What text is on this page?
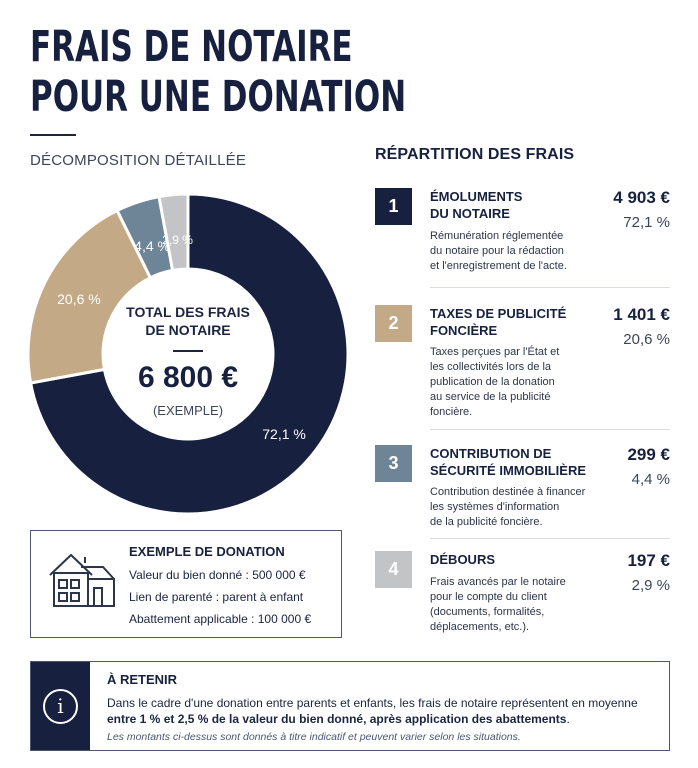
FRAIS DE NOTAIRE
POUR UNE DONATION
DÉCOMPOSITION DÉTAILLÉE	RÉPARTITION DES FRAIS
TOTAL DES FRAIS
DE NOTAIRE
6 800 €
(EXEMPLE)
72,1 %
20,6 %
4,4 %
2,9 %
EXEMPLE DE DONATION
Valeur du bien donné : 500 000 €
Lien de parenté : parent à enfant
Abattement applicable : 100 000 €
1	ÉMOLUMENTS
DU NOTAIRE
Rémunération réglementée
du notaire pour la rédaction
et l'enregistrement de l'acte.
4 903 €
72,1 %
2	TAXES DE PUBLICITÉ
FONCIÈRE
Taxes perçues par l'État et
les collectivités lors de la
publication de la donation
au service de la publicité
foncière.
1 401 €
20,6 %
3	CONTRIBUTION DE
SÉCURITÉ IMMOBILIÈRE
Contribution destinée à financer
les systèmes d'information
de la publicité foncière.
299 €
4,4 %
4	DÉBOURS
Frais avancés par le notaire
pour le compte du client
(documents, formalités,
déplacements, etc.).
197 €
2,9 %
i
À RETENIR
Dans le cadre d'une donation entre parents et enfants, les frais de notaire représentent en moyenne
entre 1 % et 2,5 % de la valeur du bien donné, après application des abattements.
Les montants ci-dessus sont donnés à titre indicatif et peuvent varier selon les situations.
